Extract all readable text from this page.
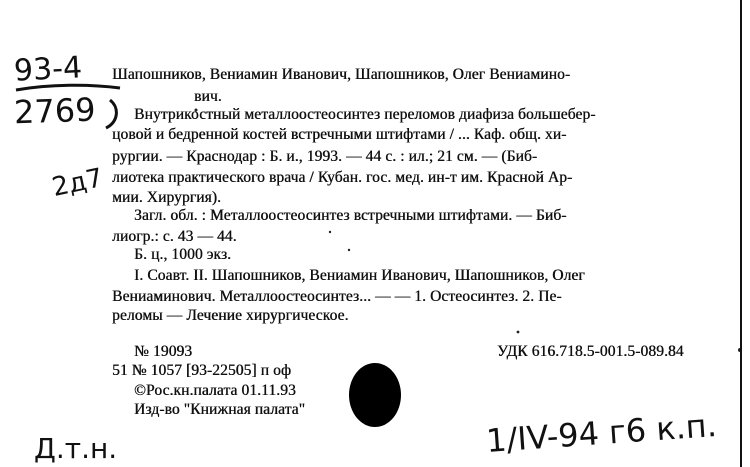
93-4
2769
2д7
Д.т.н.	1/IV-94 г6 к.п.
Шапошников, Вениамин Иванович, Шапошников, Олег Вениамино-
вич.
Внутрикостный металлоостеосинтез переломов диафиза большебер-
цовой и бедренной костей встречными штифтами / ... Каф. общ. хи-
рургии. — Краснодар : Б. и., 1993. — 44 с. : ил.; 21 см. — (Биб-
лиотека практического врача / Кубан. гос. мед. ин-т им. Красной Ар-
мии. Хирургия).
Загл. обл. : Металлоостеосинтез встречными штифтами. — Биб-
лиогр.: с. 43 — 44.
Б. ц., 1000 экз.
I. Соавт. II. Шапошников, Вениамин Иванович, Шапошников, Олег
Вениаминович. Металлоостеосинтез... — — 1. Остеосинтез. 2. Пе-
реломы — Лечение хирургическое.
№ 19093	УДК 616.718.5-001.5-089.84
51 № 1057 [93-22505] п оф
©Рос.кн.палата 01.11.93
Изд-во "Книжная палата"
